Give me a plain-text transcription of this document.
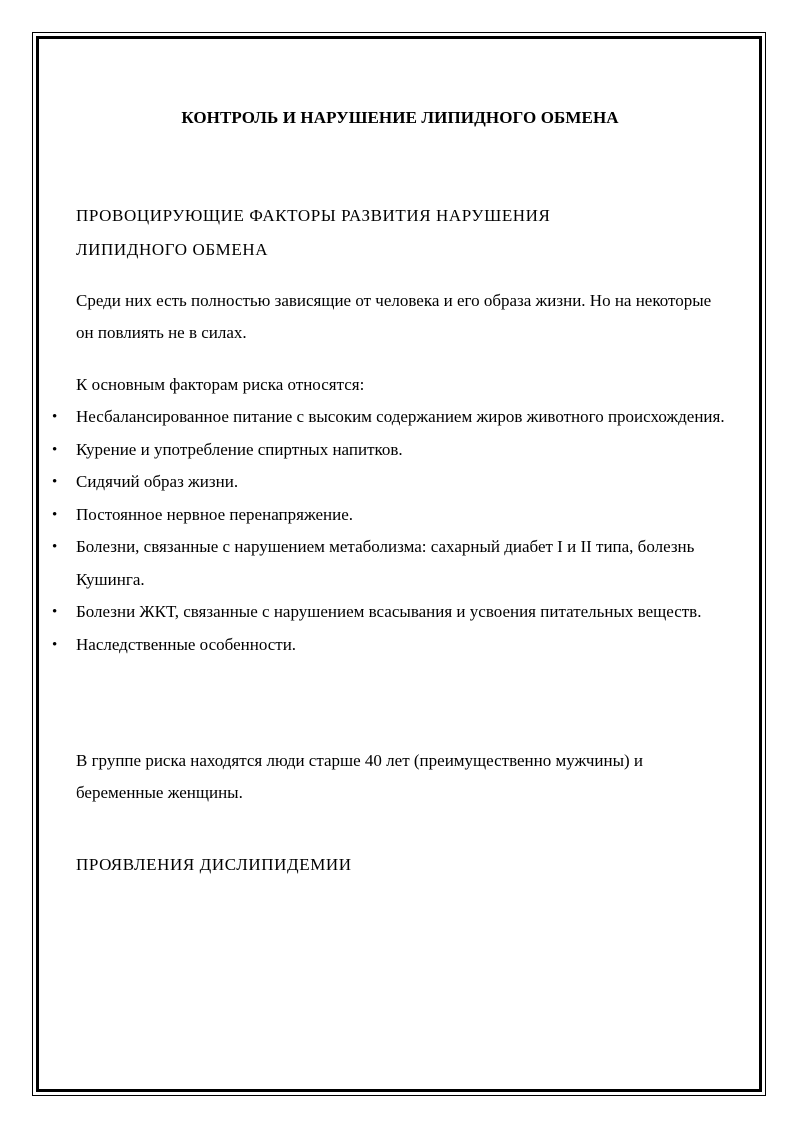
КОНТРОЛЬ И НАРУШЕНИЕ ЛИПИДНОГО ОБМЕНА
ПРОВОЦИРУЮЩИЕ ФАКТОРЫ РАЗВИТИЯ НАРУШЕНИЯ
ЛИПИДНОГО ОБМЕНА

Среди них есть полностью зависящие от человека и его образа жизни. Но на некоторые он повлиять не в силах.

К основным факторам риска относятся:

• Несбалансированное питание с высоким содержанием жиров животного происхождения.
• Курение и употребление спиртных напитков.
• Сидячий образ жизни.
• Постоянное нервное перенапряжение.
• Болезни, связанные с нарушением метаболизма: сахарный диабет I и II типа, болезнь Кушинга.
• Болезни ЖКТ, связанные с нарушением всасывания и усвоения питательных веществ.
• Наследственные особенности.

В группе риска находятся люди старше 40 лет (преимущественно мужчины) и беременные женщины.

ПРОЯВЛЕНИЯ ДИСЛИПИДЕМИИ
